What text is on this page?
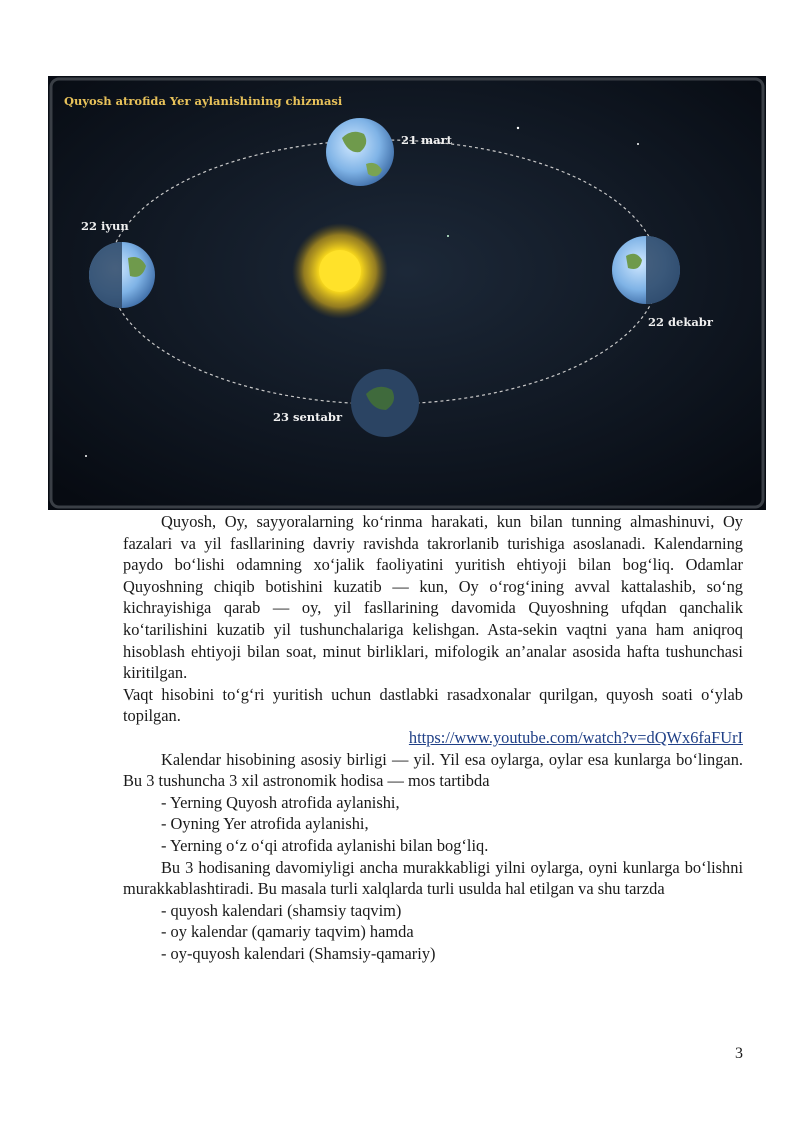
Quyosh atrofida Yer aylanishining chizmasi
21 mart
22 iyun
22 dekabr
23 sentabr

Quyosh, Oy, sayyoralarning ko‘rinma harakati, kun bilan tunning almashinuvi, Oy fazalari va yil fasllarining davriy ravishda takrorlanib turishiga asoslanadi. Kalendarning paydo bo‘lishi odamning xo‘jalik faoliyatini yuritish ehtiyoji bilan bog‘liq. Odamlar Quyoshning chiqib botishini kuzatib — kun, Oy o‘rog‘ining avval kattalashib, so‘ng kichrayishiga qarab — oy, yil fasllarining davomida Quyoshning ufqdan qanchalik ko‘tarilishini kuzatib yil tushunchalariga kelishgan. Asta-sekin vaqtni yana ham aniqroq hisoblash ehtiyoji bilan soat, minut birliklari, mifologik an’analar asosida hafta tushunchasi kiritilgan.

Vaqt hisobini to‘g‘ri yuritish uchun dastlabki rasadxonalar qurilgan, quyosh soati o‘ylab topilgan.

https://www.youtube.com/watch?v=dQWx6faFUrI

Kalendar hisobining asosiy birligi — yil. Yil esa oylarga, oylar esa kunlarga bo‘lingan. Bu 3 tushuncha 3 xil astronomik hodisa — mos tartibda

- Yerning Quyosh atrofida aylanishi,

- Oyning Yer atrofida aylanishi,

- Yerning o‘z o‘qi atrofida aylanishi bilan bog‘liq.

Bu 3 hodisaning davomiyligi ancha murakkabligi yilni oylarga, oyni kunlarga bo‘lishni murakkablashtiradi. Bu masala turli xalqlarda turli usulda hal etilgan va shu tarzda

- quyosh kalendari (shamsiy taqvim)

- oy kalendar (qamariy taqvim) hamda

- oy-quyosh kalendari (Shamsiy-qamariy)

3
